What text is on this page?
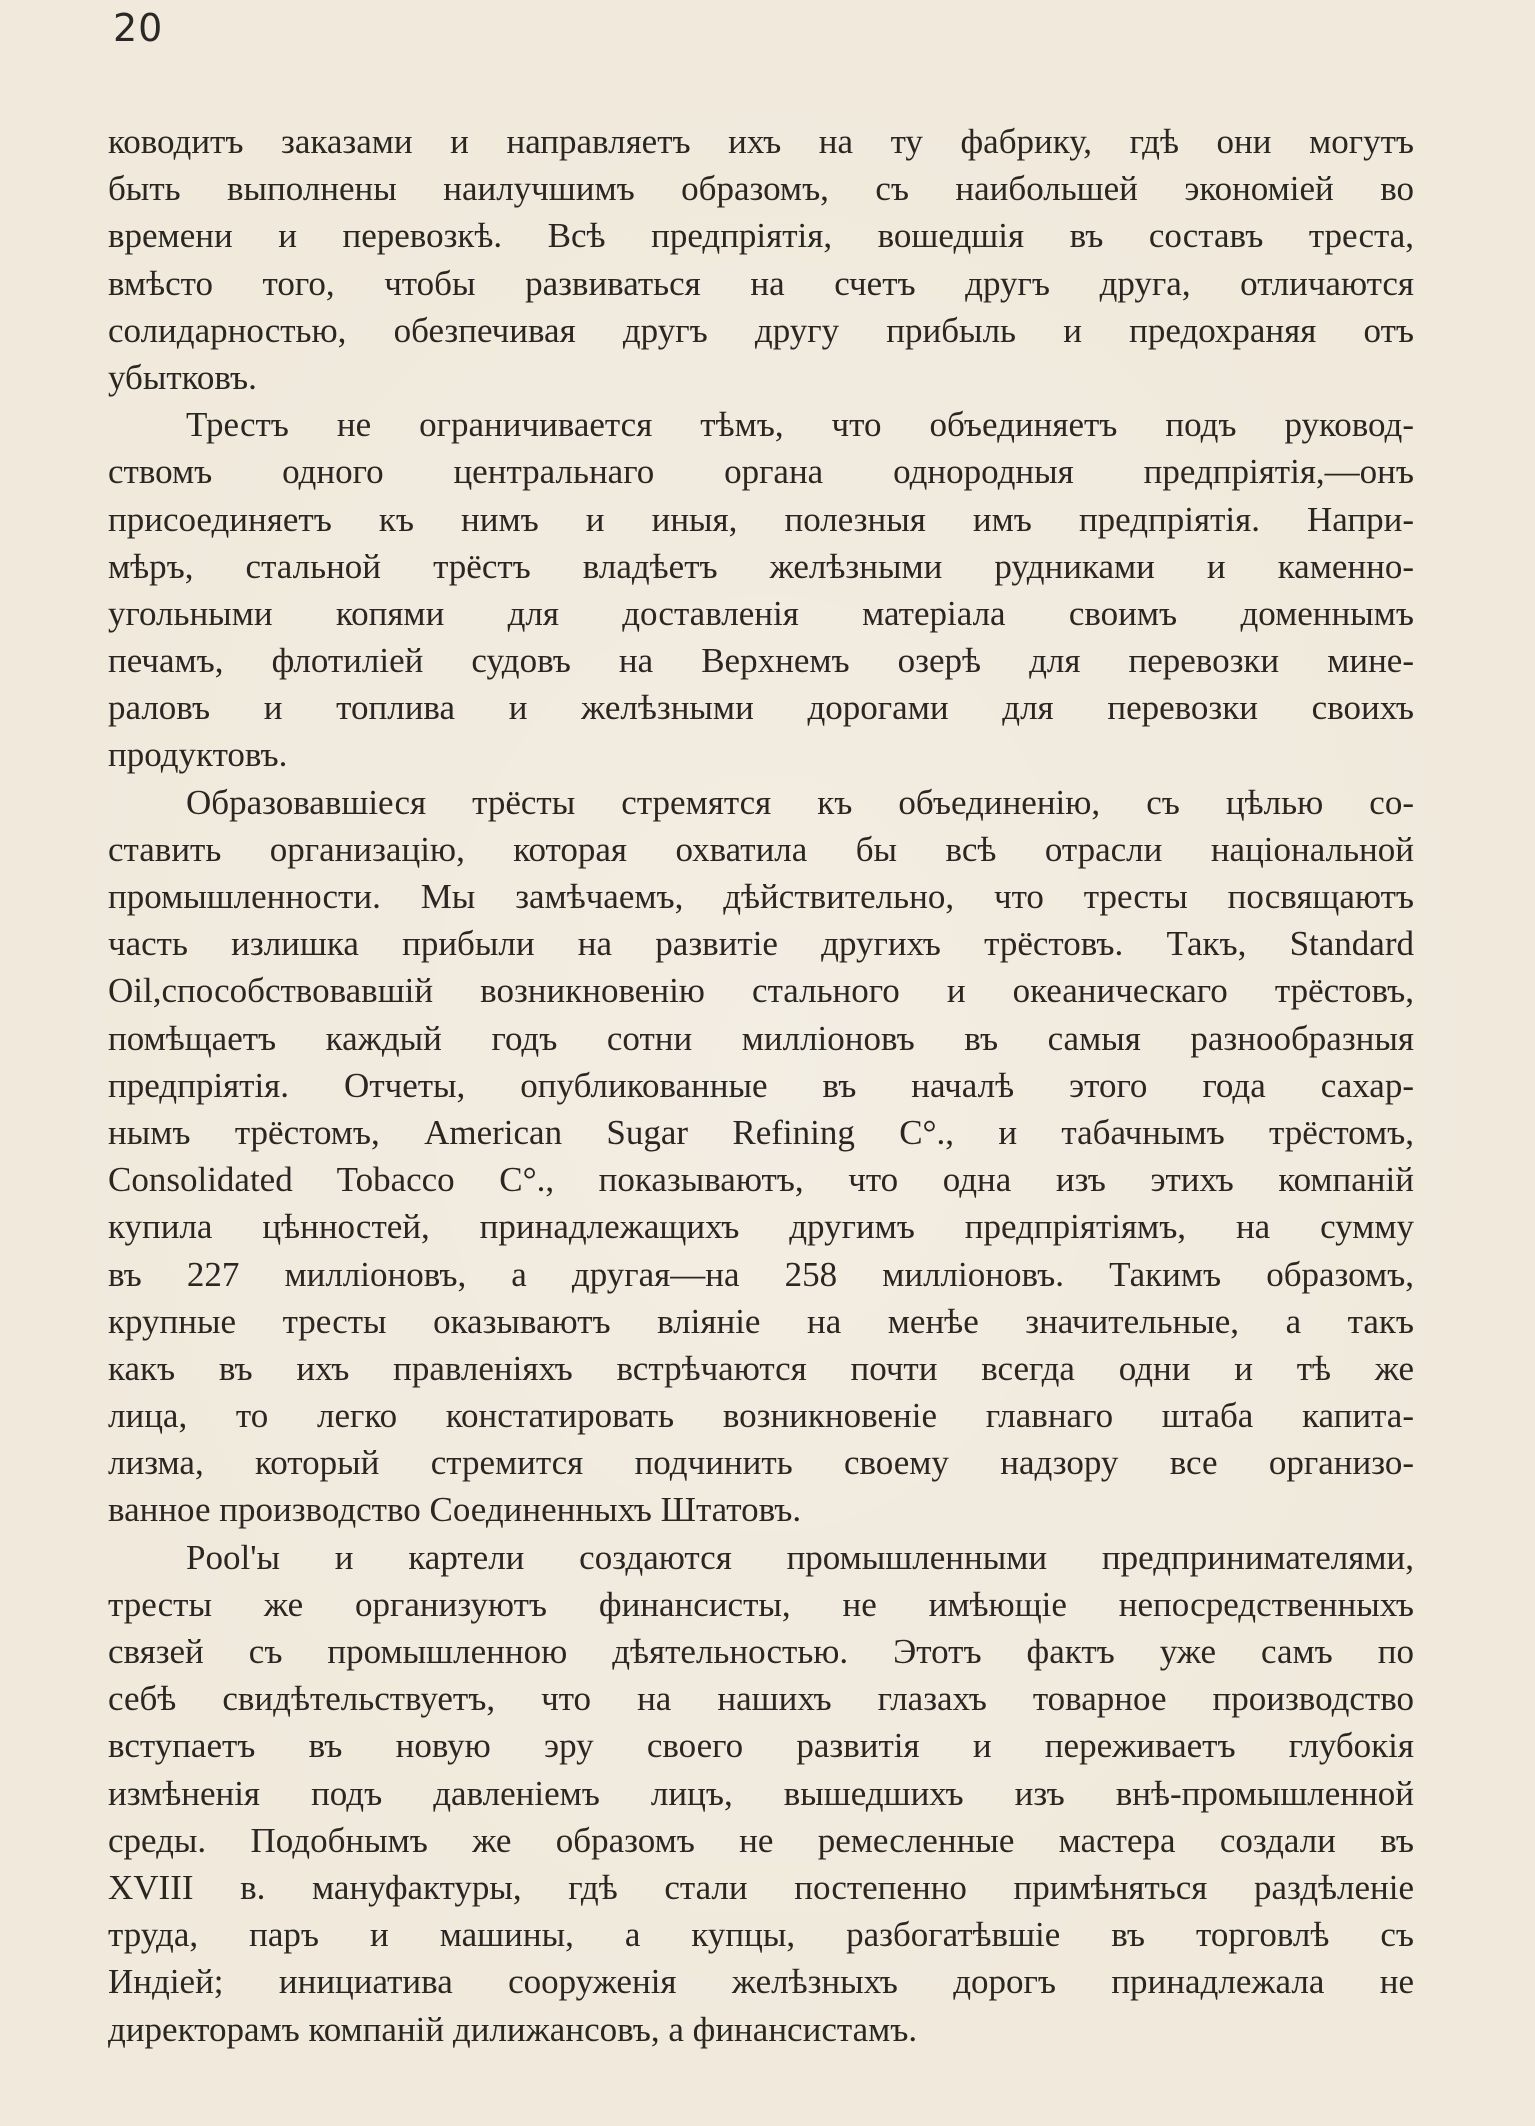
20
ководитъ заказами и направляетъ ихъ на ту фабрику, гдѣ они могутъ
быть выполнены наилучшимъ образомъ, съ наибольшей экономіей во
времени и перевозкѣ. Всѣ предпріятія, вошедшія въ составъ треста,
вмѣсто того, чтобы развиваться на счетъ другъ друга, отличаются
солидарностью, обезпечивая другъ другу прибыль и предохраняя отъ
убытковъ.
Трестъ не ограничивается тѣмъ, что объединяетъ подъ руковод-
ствомъ одного центральнаго органа однородныя предпріятія,—онъ
присоединяетъ къ нимъ и иныя, полезныя имъ предпріятія. Напри-
мѣръ, стальной трёстъ владѣетъ желѣзными рудниками и каменно-
угольными копями для доставленія матеріала своимъ доменнымъ
печамъ, флотиліей судовъ на Верхнемъ озерѣ для перевозки мине-
раловъ и топлива и желѣзными дорогами для перевозки своихъ
продуктовъ.
Образовавшіеся трёсты стремятся къ объединенію, съ цѣлью со-
ставить организацію, которая охватила бы всѣ отрасли національной
промышленности. Мы замѣчаемъ, дѣйствительно, что тресты посвящаютъ
часть излишка прибыли на развитіе другихъ трёстовъ. Такъ, Standard
Oil,способствовавшій возникновенію стального и океаническаго трёстовъ,
помѣщаетъ каждый годъ сотни милліоновъ въ самыя разнообразныя
предпріятія. Отчеты, опубликованные въ началѣ этого года сахар-
нымъ трёстомъ, American Sugar Refining C°., и табачнымъ трёстомъ,
Consolidated Tobacco C°., показываютъ, что одна изъ этихъ компаній
купила цѣнностей, принадлежащихъ другимъ предпріятіямъ, на сумму
въ 227 милліоновъ, а другая—на 258 милліоновъ. Такимъ образомъ,
крупные тресты оказываютъ вліяніе на менѣе значительные, а такъ
какъ въ ихъ правленіяхъ встрѣчаются почти всегда одни и тѣ же
лица, то легко констатировать возникновеніе главнаго штаба капита-
лизма, который стремится подчинить своему надзору все организо-
ванное производство Соединенныхъ Штатовъ.
Pool'ы и картели создаются промышленными предпринимателями,
тресты же организуютъ финансисты, не имѣющіе непосредственныхъ
связей съ промышленною дѣятельностью. Этотъ фактъ уже самъ по
себѣ свидѣтельствуетъ, что на нашихъ глазахъ товарное производство
вступаетъ въ новую эру своего развитія и переживаетъ глубокія
измѣненія подъ давленіемъ лицъ, вышедшихъ изъ внѣ-промышленной
среды. Подобнымъ же образомъ не ремесленные мастера создали въ
XVIII в. мануфактуры, гдѣ стали постепенно примѣняться раздѣленіе
труда, паръ и машины, а купцы, разбогатѣвшіе въ торговлѣ съ
Индіей; инициатива сооруженія желѣзныхъ дорогъ принадлежала не
директорамъ компаній дилижансовъ, а финансистамъ.
